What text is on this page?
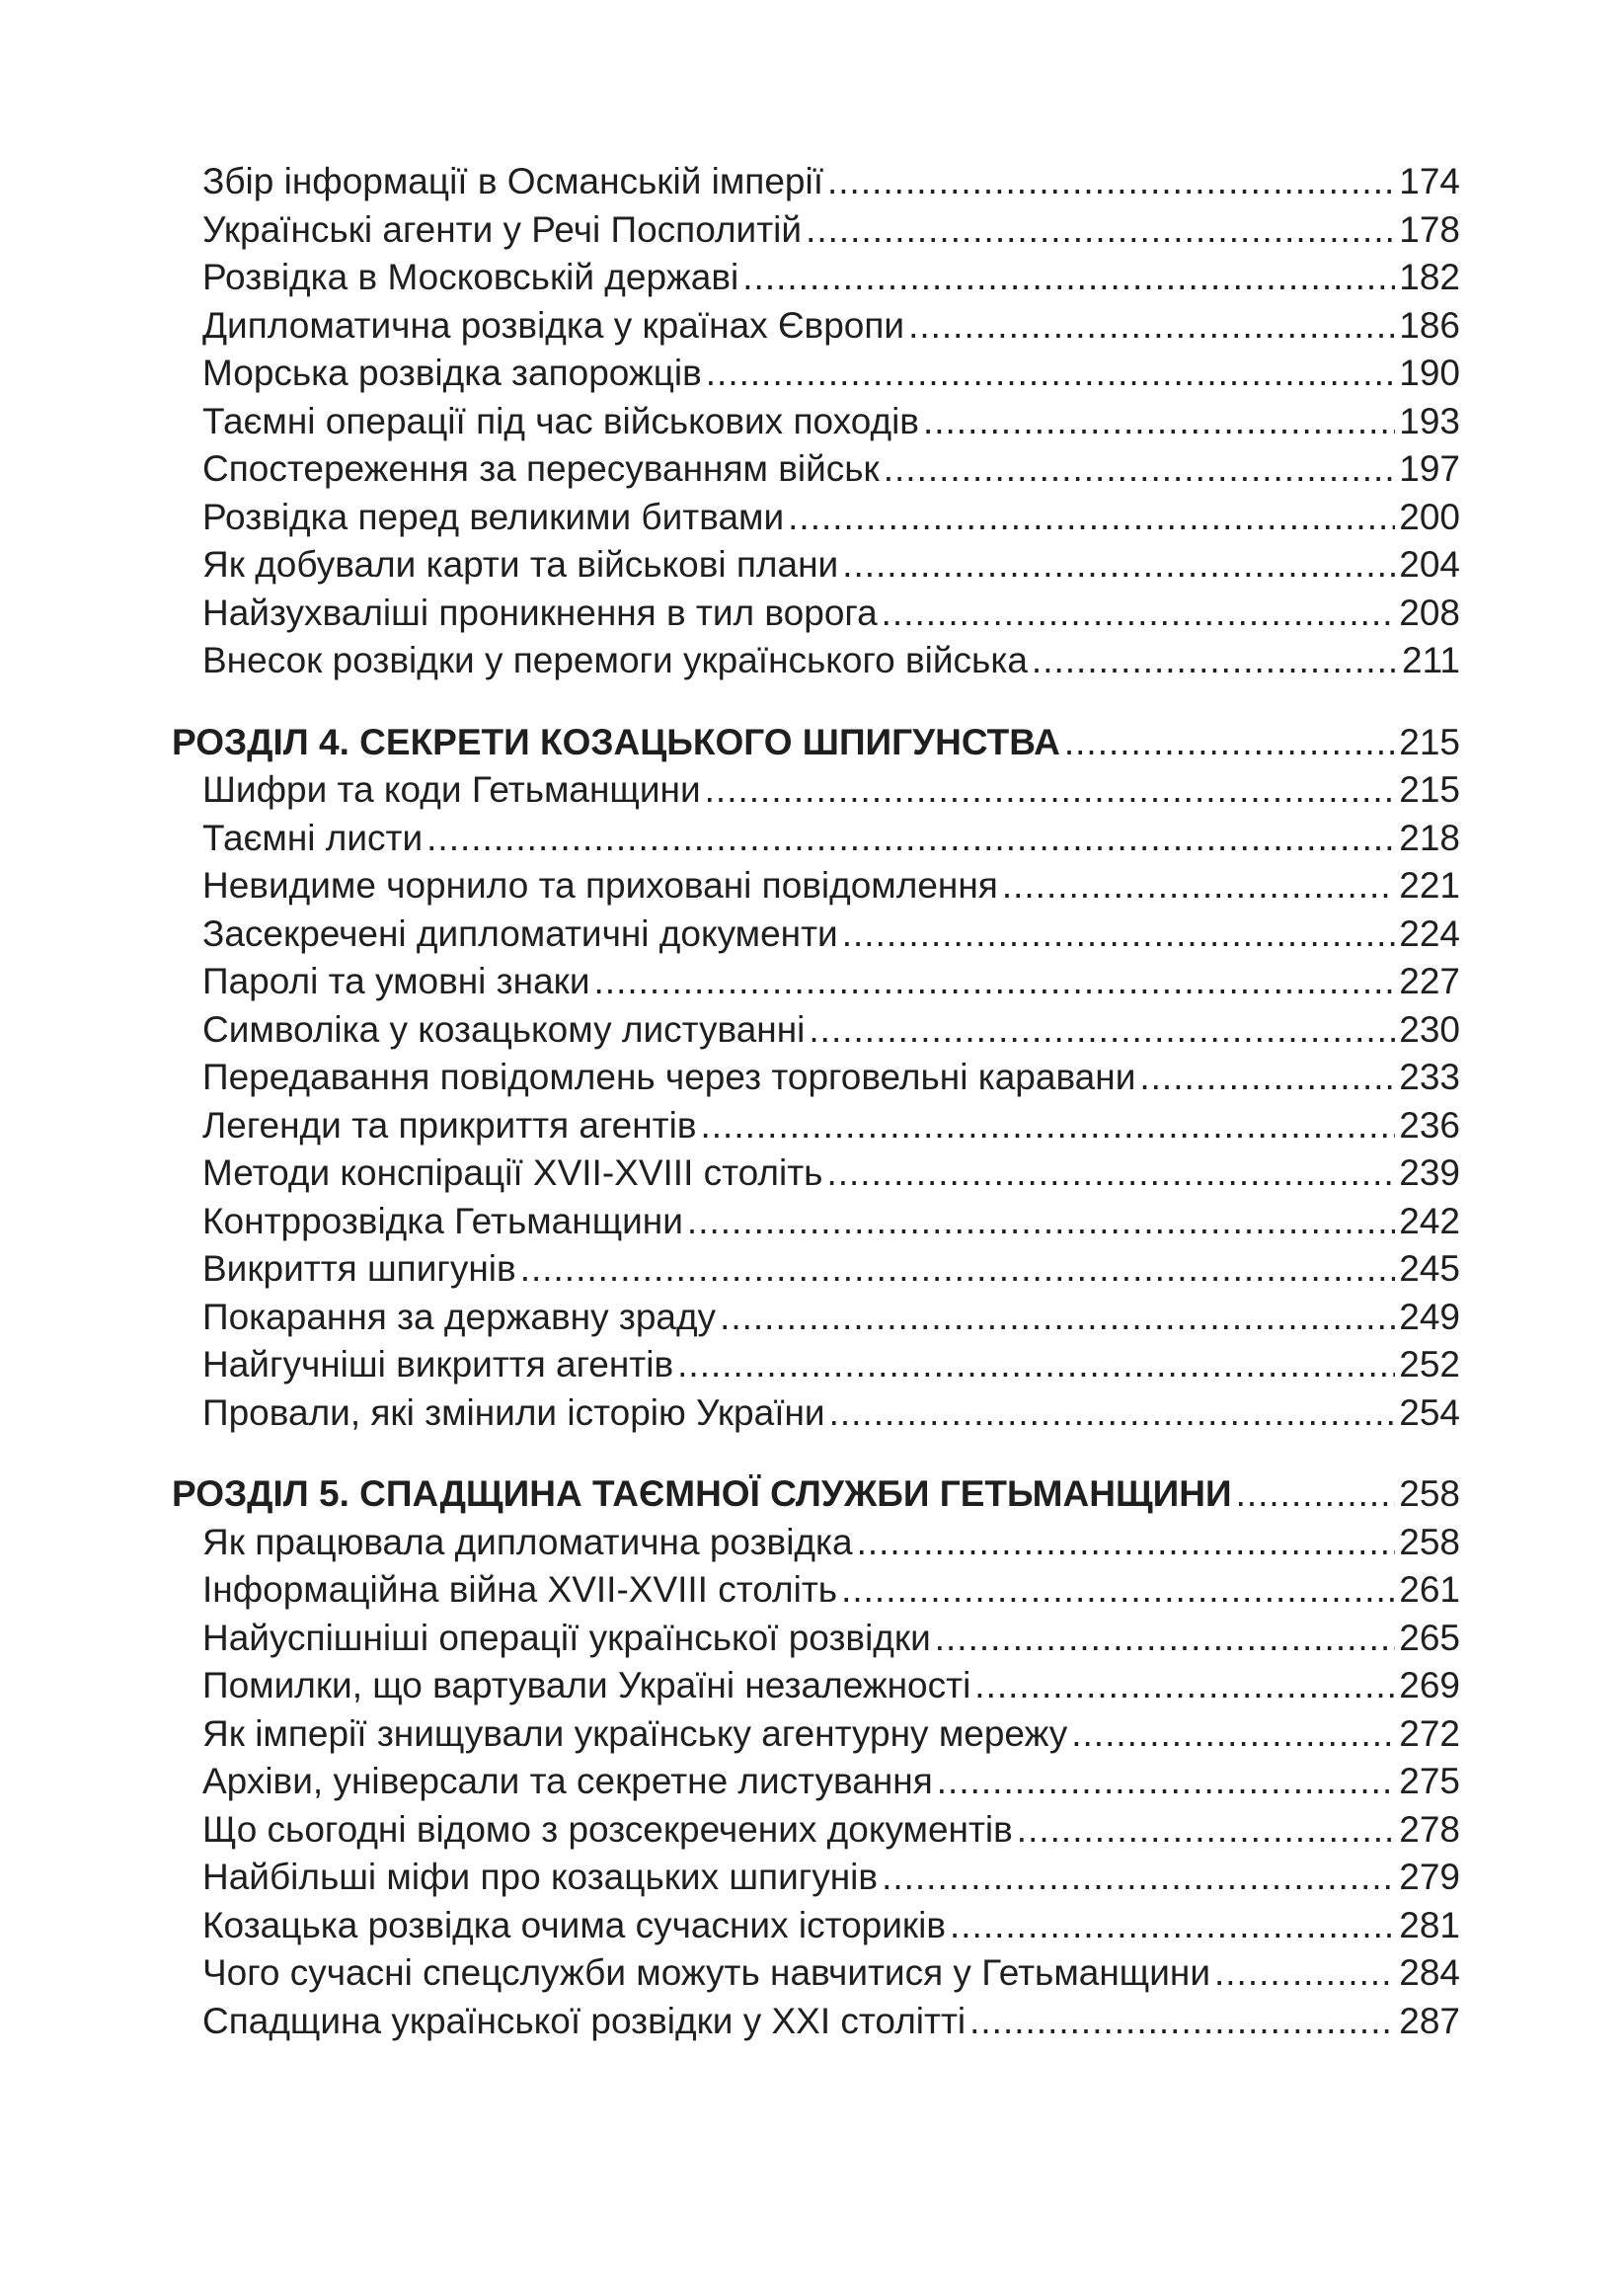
Збір інформації в Османській імперії .....	174
Українські агенти у Речі Посполитій .....	178
Розвідка в Московській державі .....	182
Дипломатична розвідка у країнах Європи .....	186
Морська розвідка запорожців .....	190
Таємні операції під час військових походів .....	193
Спостереження за пересуванням військ .....	197
Розвідка перед великими битвами .....	200
Як добували карти та військові плани .....	204
Найзухваліші проникнення в тил ворога .....	208
Внесок розвідки у перемоги українського війська .....	211
РОЗДІЛ 4. СЕКРЕТИ КОЗАЦЬКОГО ШПИГУНСТВА .....	215
Шифри та коди Гетьманщини .....	215
Таємні листи .....	218
Невидиме чорнило та приховані повідомлення .....	221
Засекречені дипломатичні документи .....	224
Паролі та умовні знаки .....	227
Символіка у козацькому листуванні .....	230
Передавання повідомлень через торговельні каравани .....	233
Легенди та прикриття агентів .....	236
Методи конспірації XVII-XVIII століть .....	239
Контррозвідка Гетьманщини .....	242
Викриття шпигунів .....	245
Покарання за державну зраду .....	249
Найгучніші викриття агентів .....	252
Провали, які змінили історію України .....	254
РОЗДІЛ 5. СПАДЩИНА ТАЄМНОЇ СЛУЖБИ ГЕТЬМАНЩИНИ .....	258
Як працювала дипломатична розвідка .....	258
Інформаційна війна XVII-XVIII століть .....	261
Найуспішніші операції української розвідки .....	265
Помилки, що вартували Україні незалежності .....	269
Як імперії знищували українську агентурну мережу .....	272
Архіви, універсали та секретне листування .....	275
Що сьогодні відомо з розсекречених документів .....	278
Найбільші міфи про козацьких шпигунів .....	279
Козацька розвідка очима сучасних істориків .....	281
Чого сучасні спецслужби можуть навчитися у Гетьманщини .....	284
Спадщина української розвідки у XXI столітті .....	287
